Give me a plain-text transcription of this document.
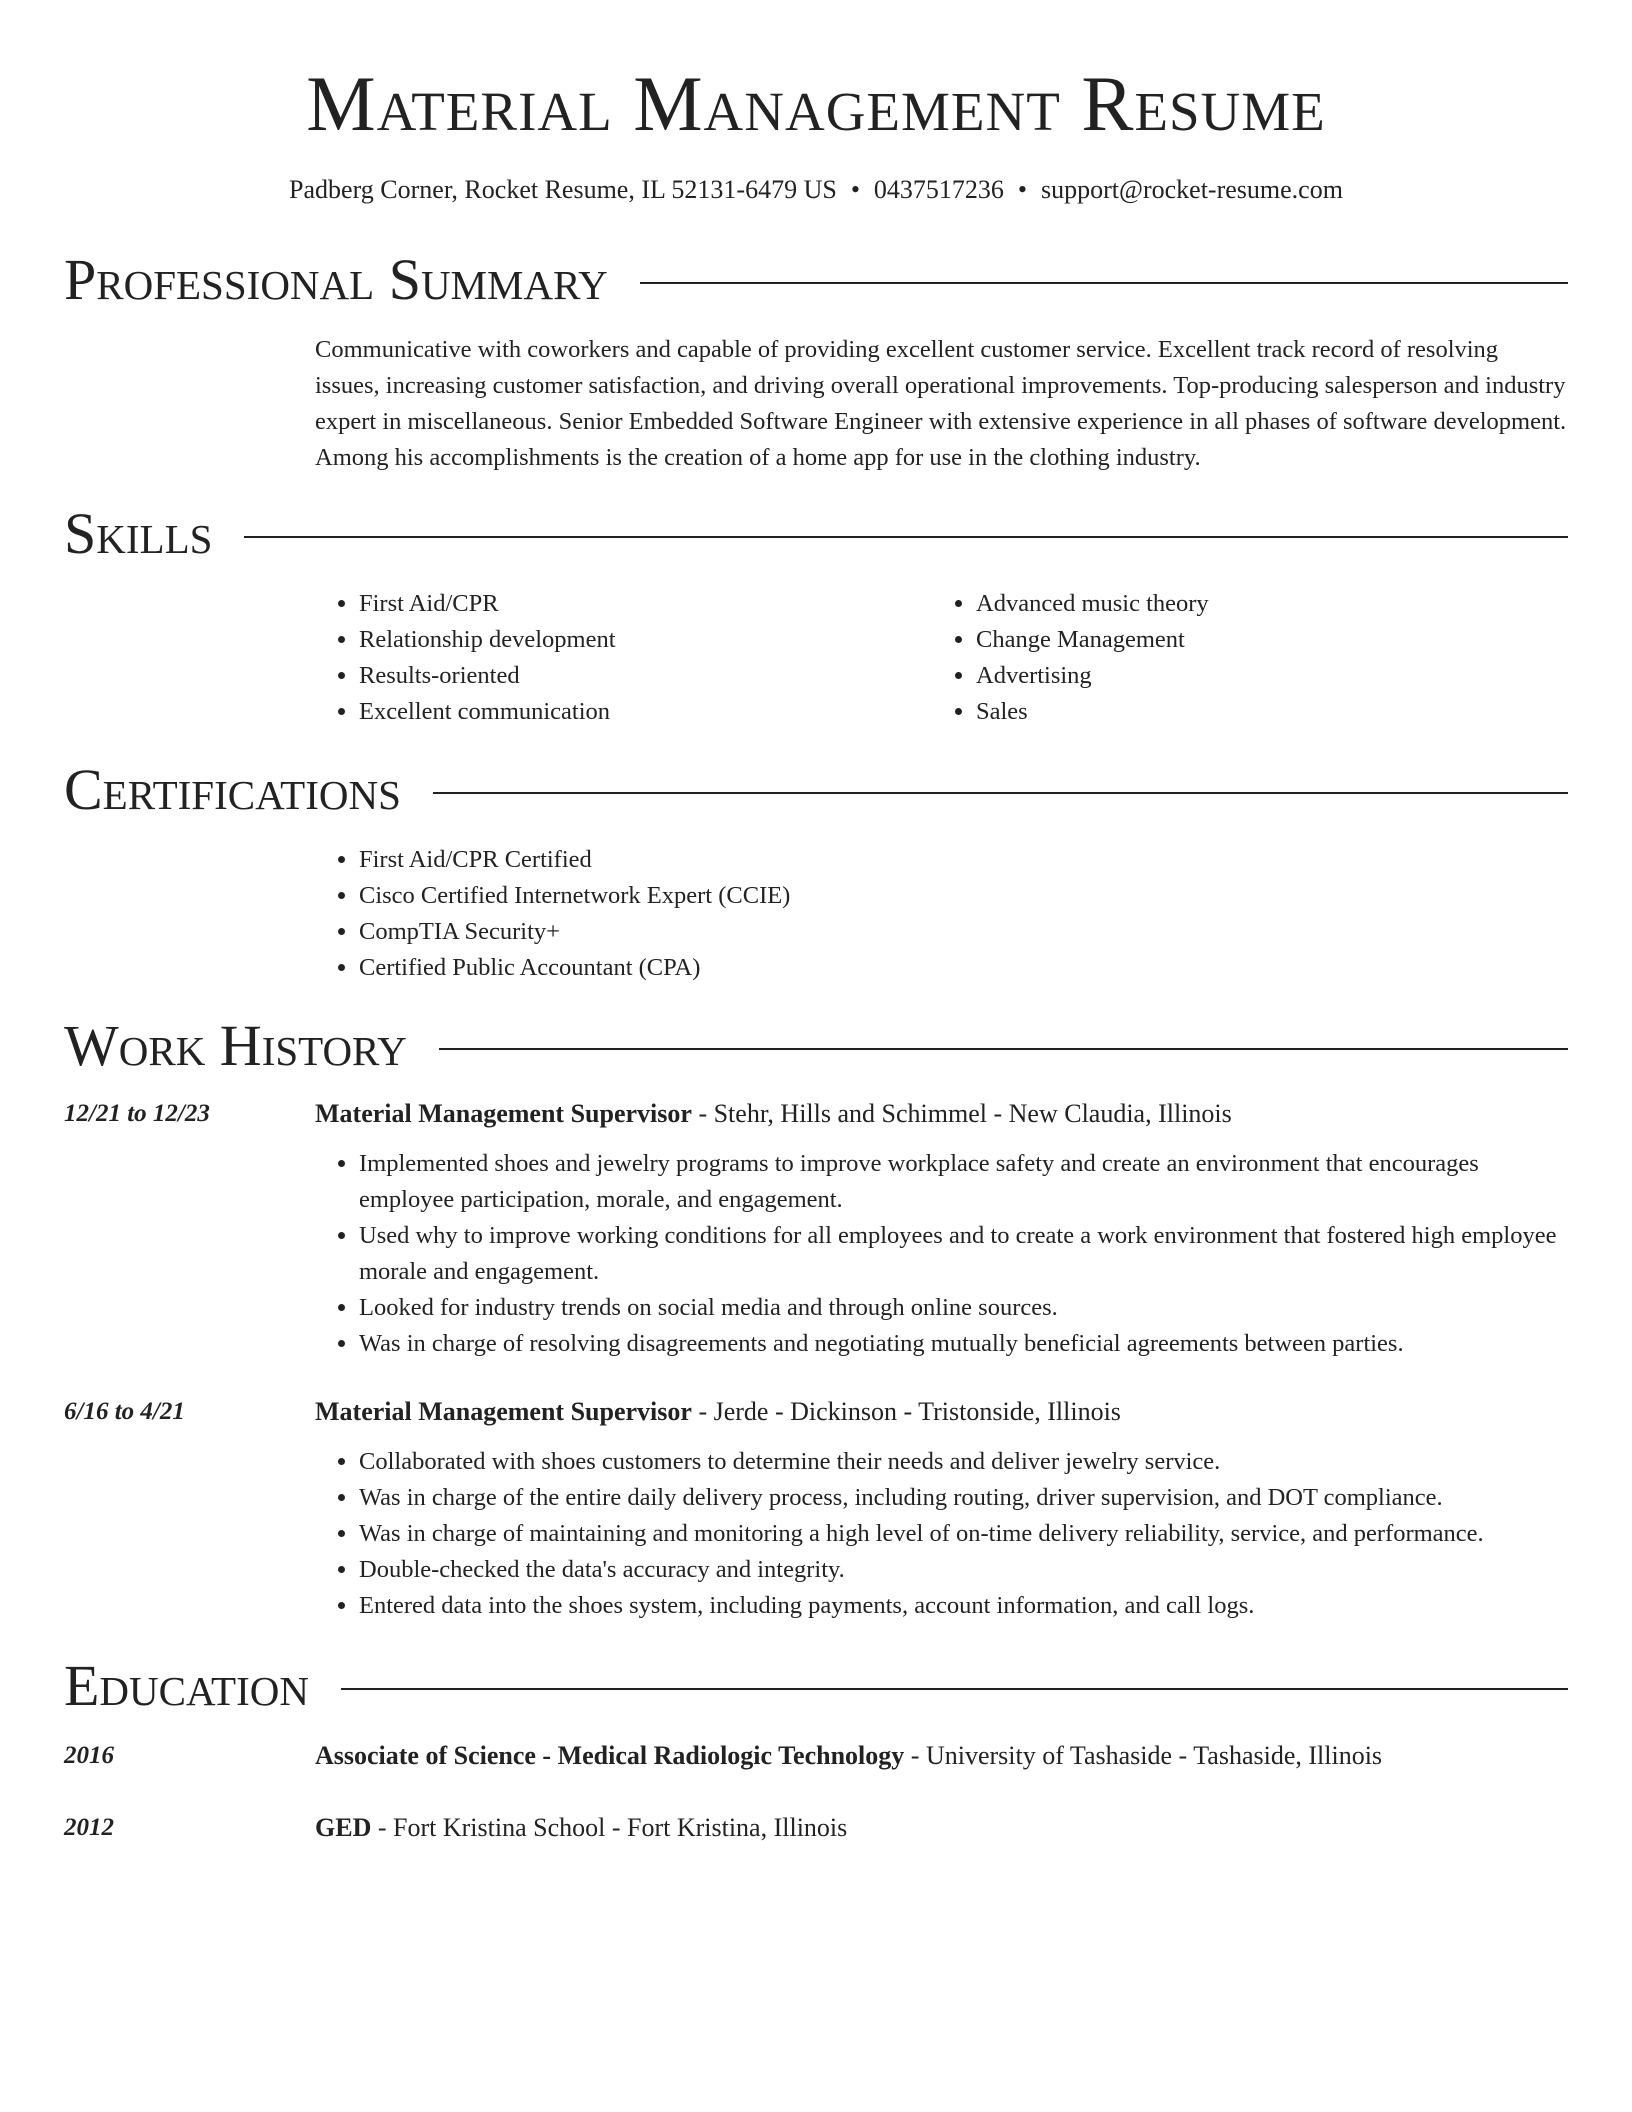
Material Management Resume
Padberg Corner, Rocket Resume, IL 52131-6479 US • 0437517236 • support@rocket-resume.com
Professional Summary
Communicative with coworkers and capable of providing excellent customer service. Excellent track record of resolving issues, increasing customer satisfaction, and driving overall operational improvements. Top-producing salesperson and industry expert in miscellaneous. Senior Embedded Software Engineer with extensive experience in all phases of software development. Among his accomplishments is the creation of a home app for use in the clothing industry.
Skills
• First Aid/CPR
• Relationship development
• Results-oriented
• Excellent communication
• Advanced music theory
• Change Management
• Advertising
• Sales
Certifications
• First Aid/CPR Certified
• Cisco Certified Internetwork Expert (CCIE)
• CompTIA Security+
• Certified Public Accountant (CPA)
Work History
12/21 to 12/23	Material Management Supervisor - Stehr, Hills and Schimmel - New Claudia, Illinois
• Implemented shoes and jewelry programs to improve workplace safety and create an environment that encourages employee participation, morale, and engagement.
• Used why to improve working conditions for all employees and to create a work environment that fostered high employee morale and engagement.
• Looked for industry trends on social media and through online sources.
• Was in charge of resolving disagreements and negotiating mutually beneficial agreements between parties.
6/16 to 4/21	Material Management Supervisor - Jerde - Dickinson - Tristonside, Illinois
• Collaborated with shoes customers to determine their needs and deliver jewelry service.
• Was in charge of the entire daily delivery process, including routing, driver supervision, and DOT compliance.
• Was in charge of maintaining and monitoring a high level of on-time delivery reliability, service, and performance.
• Double-checked the data's accuracy and integrity.
• Entered data into the shoes system, including payments, account information, and call logs.
Education
2016	Associate of Science - Medical Radiologic Technology - University of Tashaside - Tashaside, Illinois
2012	GED - Fort Kristina School - Fort Kristina, Illinois
